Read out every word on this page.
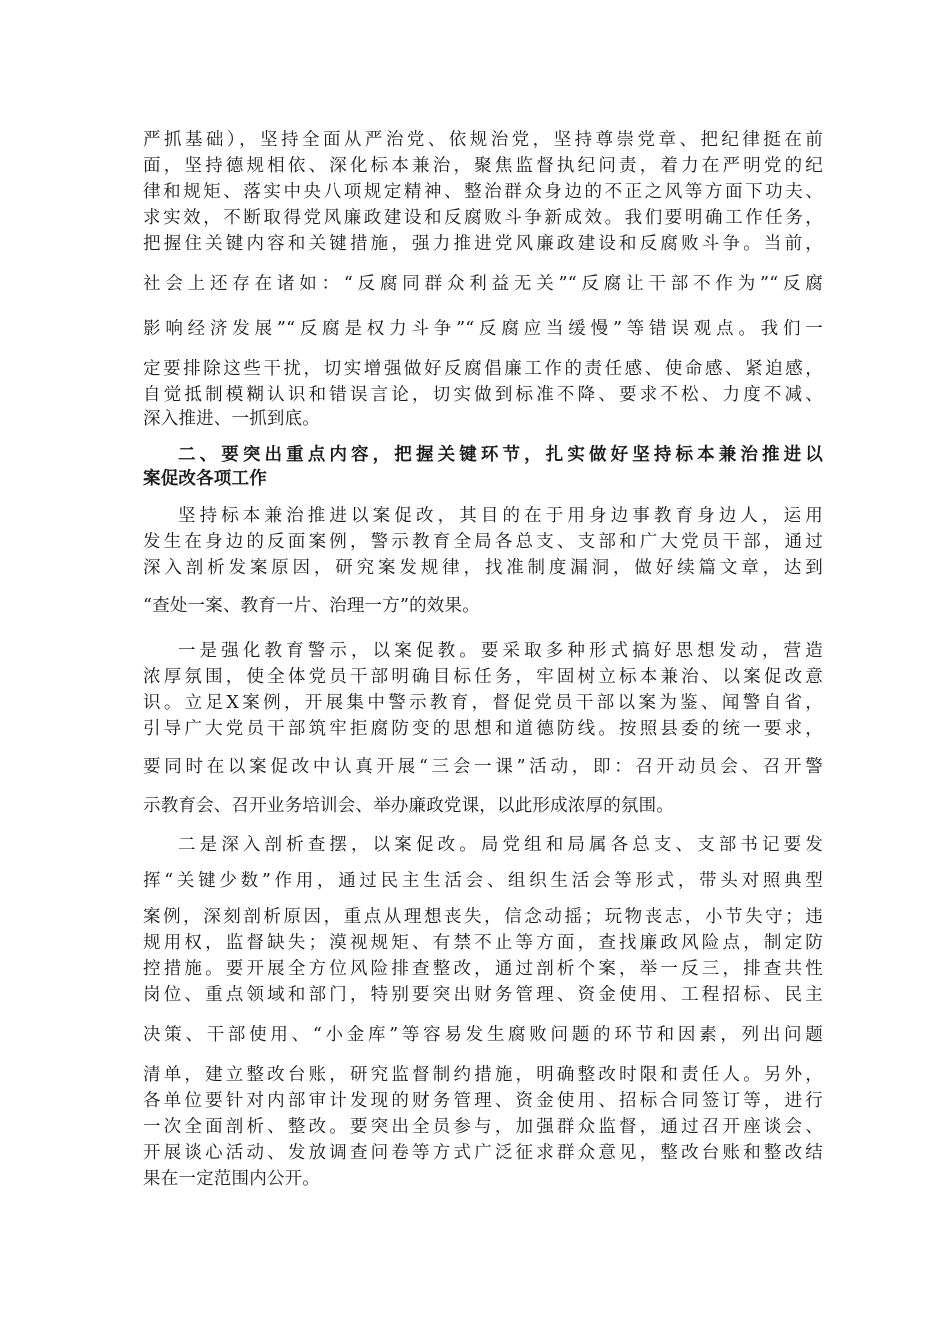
严抓基础），坚持全面从严治党、依规治党，坚持尊崇党章、把纪律挺在前
面，坚持德规相依、深化标本兼治，聚焦监督执纪问责，着力在严明党的纪
律和规矩、落实中央八项规定精神、整治群众身边的不正之风等方面下功夫、
求实效，不断取得党风廉政建设和反腐败斗争新成效。我们要明确工作任务，
把握住关键内容和关键措施，强力推进党风廉政建设和反腐败斗争。当前，
社会上还存在诸如：“反腐同群众利益无关”“反腐让干部不作为”“反腐
影响经济发展”“反腐是权力斗争”“反腐应当缓慢”等错误观点。我们一
定要排除这些干扰，切实增强做好反腐倡廉工作的责任感、使命感、紧迫感，
自觉抵制模糊认识和错误言论，切实做到标准不降、要求不松、力度不减、
深入推进、一抓到底。
二、要突出重点内容，把握关键环节，扎实做好坚持标本兼治推进以
案促改各项工作
坚持标本兼治推进以案促改，其目的在于用身边事教育身边人，运用
发生在身边的反面案例，警示教育全局各总支、支部和广大党员干部，通过
深入剖析发案原因，研究案发规律，找准制度漏洞，做好续篇文章，达到
“查处一案、教育一片、治理一方”的效果。
一是强化教育警示，以案促教。要采取多种形式搞好思想发动，营造
浓厚氛围，使全体党员干部明确目标任务，牢固树立标本兼治、以案促改意
识。立足X案例，开展集中警示教育，督促党员干部以案为鉴、闻警自省，
引导广大党员干部筑牢拒腐防变的思想和道德防线。按照县委的统一要求，
要同时在以案促改中认真开展“三会一课”活动，即：召开动员会、召开警
示教育会、召开业务培训会、举办廉政党课，以此形成浓厚的氛围。
二是深入剖析查摆，以案促改。局党组和局属各总支、支部书记要发
挥“关键少数”作用，通过民主生活会、组织生活会等形式，带头对照典型
案例，深刻剖析原因，重点从理想丧失，信念动摇；玩物丧志，小节失守；违
规用权，监督缺失；漠视规矩、有禁不止等方面，查找廉政风险点，制定防
控措施。要开展全方位风险排查整改，通过剖析个案，举一反三，排查共性
岗位、重点领域和部门，特别要突出财务管理、资金使用、工程招标、民主
决策、干部使用、“小金库”等容易发生腐败问题的环节和因素，列出问题
清单，建立整改台账，研究监督制约措施，明确整改时限和责任人。另外，
各单位要针对内部审计发现的财务管理、资金使用、招标合同签订等，进行
一次全面剖析、整改。要突出全员参与，加强群众监督，通过召开座谈会、
开展谈心活动、发放调查问卷等方式广泛征求群众意见，整改台账和整改结
果在一定范围内公开。
